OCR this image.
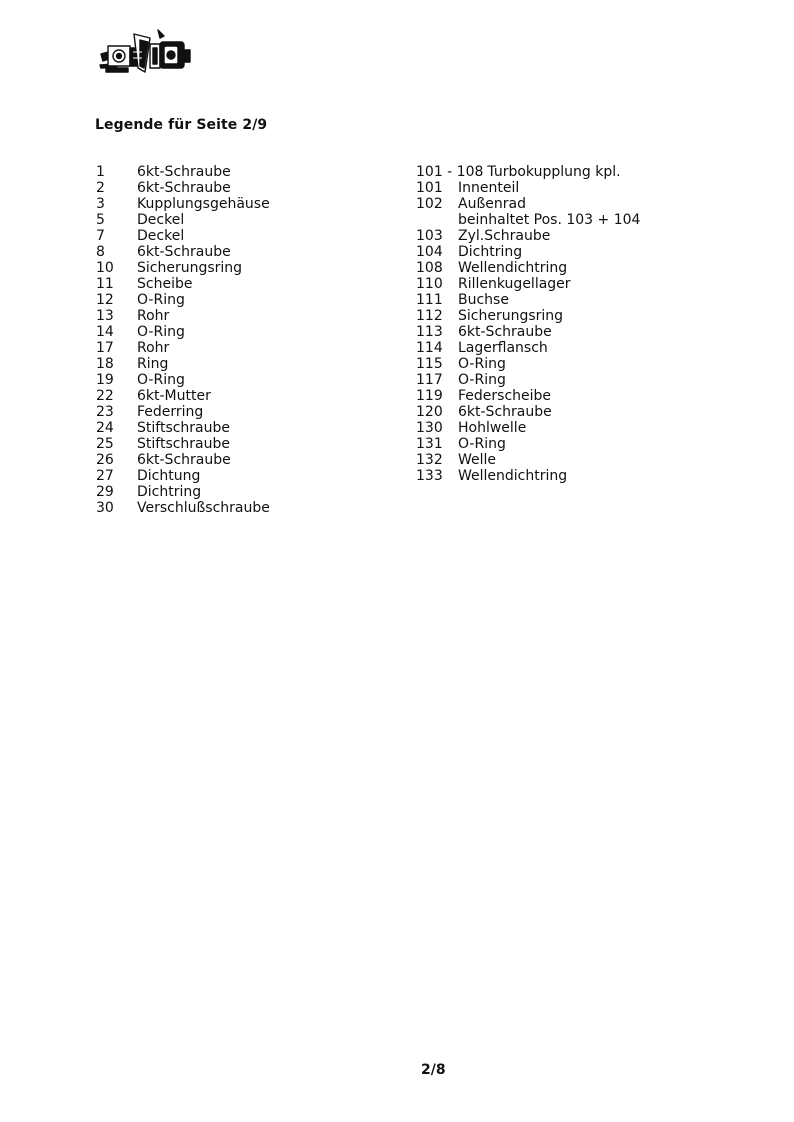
Legende für Seite 2/9
1	6kt-Schraube
2	6kt-Schraube
3	Kupplungsgehäuse
5	Deckel
7	Deckel
8	6kt-Schraube
10	Sicherungsring
11	Scheibe
12	O-Ring
13	Rohr
14	O-Ring
17	Rohr
18	Ring
19	O-Ring
22	6kt-Mutter
23	Federring
24	Stiftschraube
25	Stiftschraube
26	6kt-Schraube
27	Dichtung
29	Dichtring
30	Verschlußschraube
101 - 108 Turbokupplung kpl.
101	Innenteil
102	Außenrad
beinhaltet Pos. 103 + 104
103	Zyl.Schraube
104	Dichtring
108	Wellendichtring
110	Rillenkugellager
111	Buchse
112	Sicherungsring
113	6kt-Schraube
114	Lagerflansch
115	O-Ring
117	O-Ring
119	Federscheibe
120	6kt-Schraube
130	Hohlwelle
131	O-Ring
132	Welle
133	Wellendichtring
2/8
